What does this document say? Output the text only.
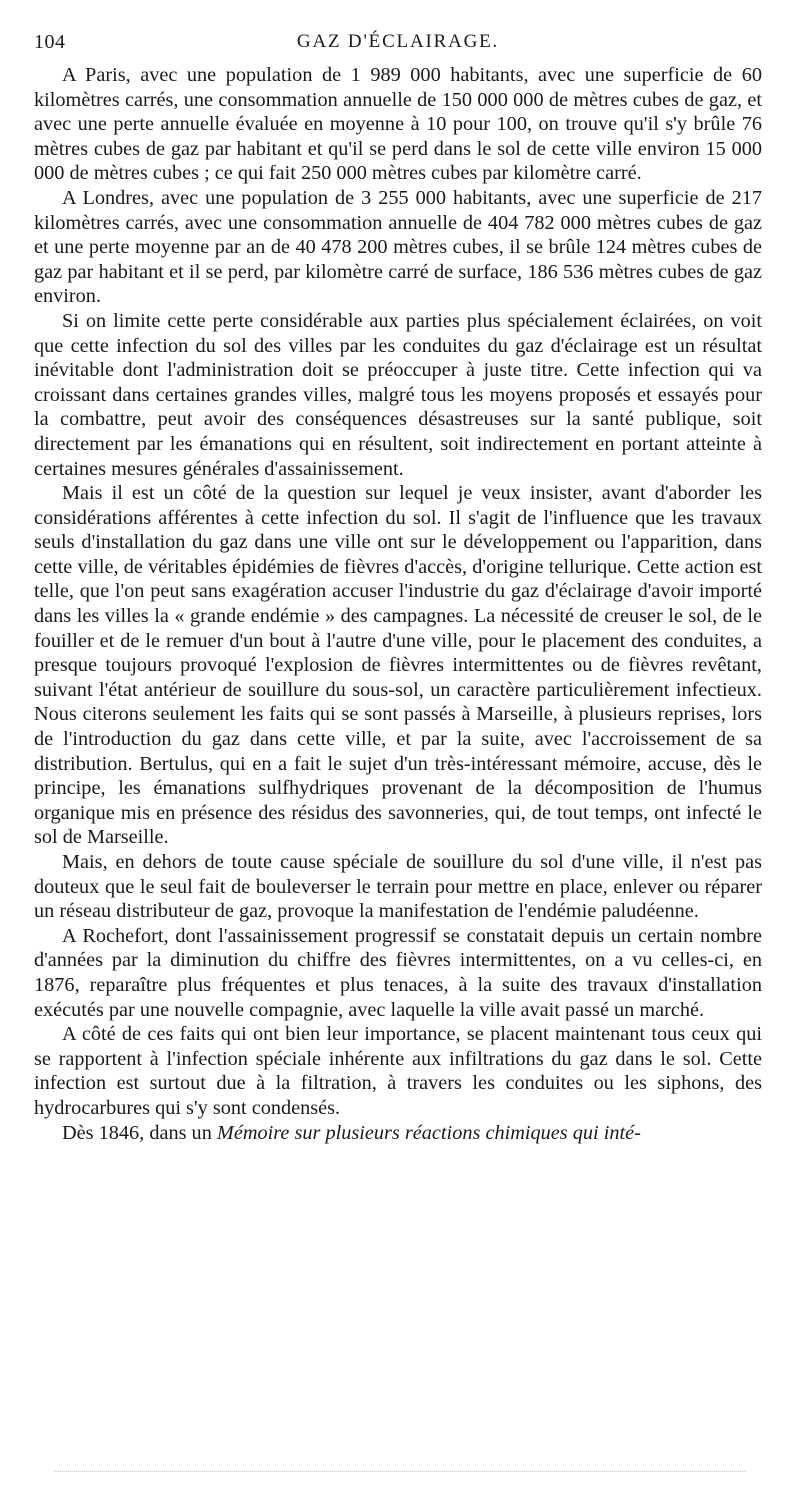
104	GAZ D'ÉCLAIRAGE.

A Paris, avec une population de 1 989 000 habitants, avec une superficie de 60 kilomètres carrés, une consommation annuelle de 150 000 000 de mètres cubes de gaz, et avec une perte annuelle évaluée en moyenne à 10 pour 100, on trouve qu'il s'y brûle 76 mètres cubes de gaz par habitant et qu'il se perd dans le sol de cette ville environ 15 000 000 de mètres cubes ; ce qui fait 250 000 mètres cubes par kilomètre carré.

A Londres, avec une population de 3 255 000 habitants, avec une superficie de 217 kilomètres carrés, avec une consommation annuelle de 404 782 000 mètres cubes de gaz et une perte moyenne par an de 40 478 200 mètres cubes, il se brûle 124 mètres cubes de gaz par habitant et il se perd, par kilomètre carré de surface, 186 536 mètres cubes de gaz environ.

Si on limite cette perte considérable aux parties plus spécialement éclairées, on voit que cette infection du sol des villes par les conduites du gaz d'éclairage est un résultat inévitable dont l'administration doit se préoccuper à juste titre. Cette infection qui va croissant dans certaines grandes villes, malgré tous les moyens proposés et essayés pour la combattre, peut avoir des conséquences désastreuses sur la santé publique, soit directement par les émanations qui en résultent, soit indirectement en portant atteinte à certaines mesures générales d'assainissement.

Mais il est un côté de la question sur lequel je veux insister, avant d'aborder les considérations afférentes à cette infection du sol. Il s'agit de l'influence que les travaux seuls d'installation du gaz dans une ville ont sur le développement ou l'apparition, dans cette ville, de véritables épidémies de fièvres d'accès, d'origine tellurique. Cette action est telle, que l'on peut sans exagération accuser l'industrie du gaz d'éclairage d'avoir importé dans les villes la « grande endémie » des campagnes. La nécessité de creuser le sol, de le fouiller et de le remuer d'un bout à l'autre d'une ville, pour le placement des conduites, a presque toujours provoqué l'explosion de fièvres intermittentes ou de fièvres revêtant, suivant l'état antérieur de souillure du sous-sol, un caractère particulièrement infectieux. Nous citerons seulement les faits qui se sont passés à Marseille, à plusieurs reprises, lors de l'introduction du gaz dans cette ville, et par la suite, avec l'accroissement de sa distribution. Bertulus, qui en a fait le sujet d'un très-intéressant mémoire, accuse, dès le principe, les émanations sulfhydriques provenant de la décomposition de l'humus organique mis en présence des résidus des savonneries, qui, de tout temps, ont infecté le sol de Marseille.

Mais, en dehors de toute cause spéciale de souillure du sol d'une ville, il n'est pas douteux que le seul fait de bouleverser le terrain pour mettre en place, enlever ou réparer un réseau distributeur de gaz, provoque la manifestation de l'endémie paludéenne.

A Rochefort, dont l'assainissement progressif se constatait depuis un certain nombre d'années par la diminution du chiffre des fièvres intermittentes, on a vu celles-ci, en 1876, reparaître plus fréquentes et plus tenaces, à la suite des travaux d'installation exécutés par une nouvelle compagnie, avec laquelle la ville avait passé un marché.

A côté de ces faits qui ont bien leur importance, se placent maintenant tous ceux qui se rapportent à l'infection spéciale inhérente aux infiltrations du gaz dans le sol. Cette infection est surtout due à la filtration, à travers les conduites ou les siphons, des hydrocarbures qui s'y sont condensés.

Dès 1846, dans un Mémoire sur plusieurs réactions chimiques qui inté-
